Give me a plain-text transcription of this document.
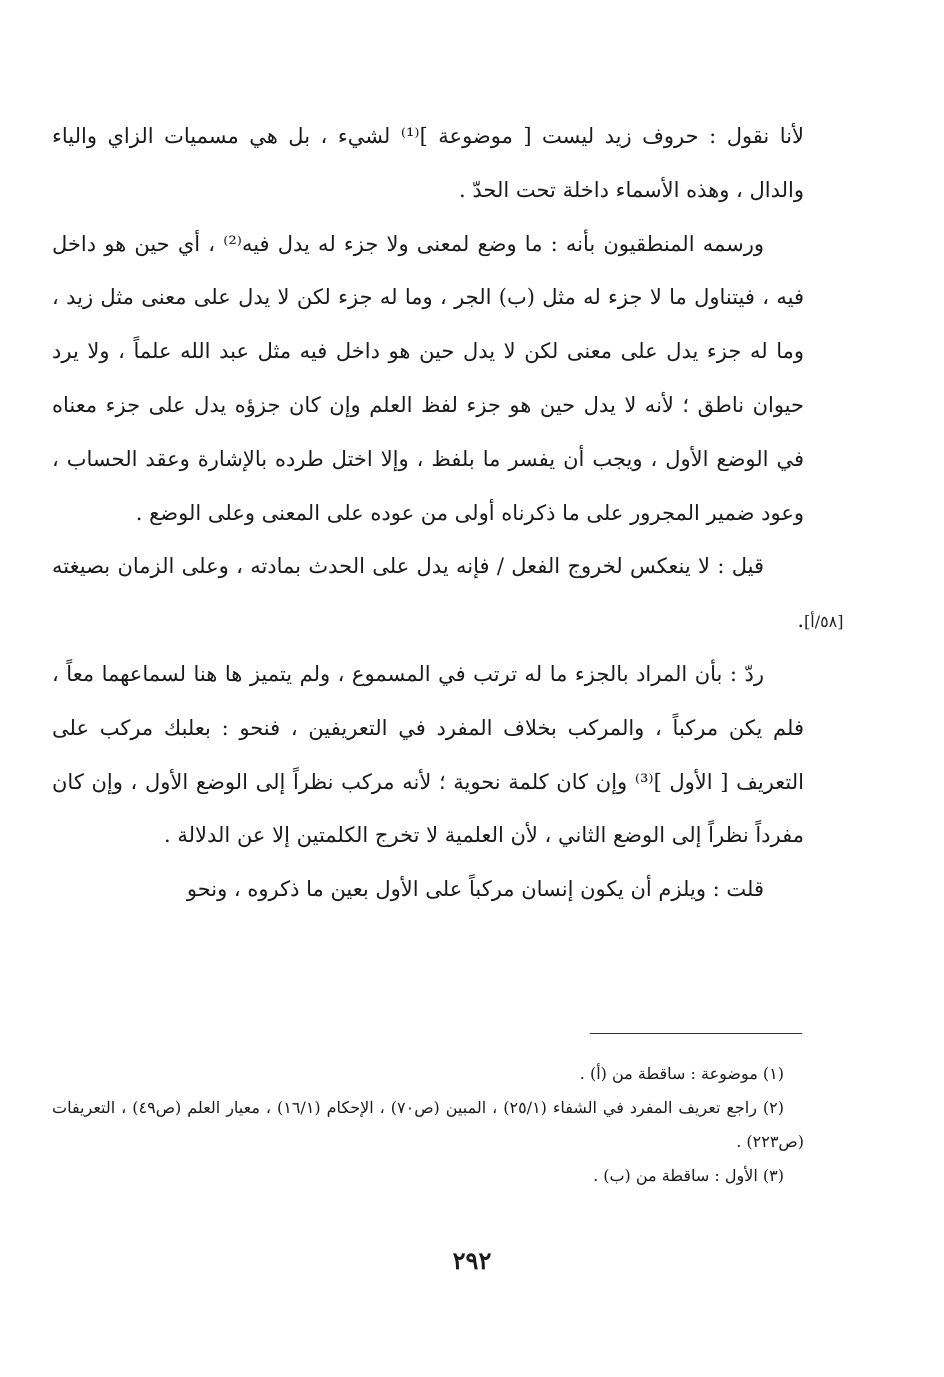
لأنا نقول : حروف زيد ليست [ موضوعة ]⁽¹⁾ لشيء ، بل هي مسميات الزاي والياء والدال ، وهذه الأسماء داخلة تحت الحدّ .

ورسمه المنطقيون بأنه : ما وضع لمعنى ولا جزء له يدل فيه⁽²⁾ ، أي حين هو داخل فيه ، فيتناول ما لا جزء له مثل (ب) الجر ، وما له جزء لكن لا يدل على معنى مثل زيد ، وما له جزء يدل على معنى لكن لا يدل حين هو داخل فيه مثل عبد الله علماً ، ولا يرد حيوان ناطق ؛ لأنه لا يدل حين هو جزء لفظ العلم وإن كان جزؤه يدل على جزء معناه في الوضع الأول ، ويجب أن يفسر ما بلفظ ، وإلا اختل طرده بالإشارة وعقد الحساب ، وعود ضمير المجرور على ما ذكرناه أولى من عوده على المعنى وعلى الوضع .

قيل : لا ينعكس لخروج الفعل / فإنه يدل على الحدث بمادته ، وعلى الزمان بصيغته .

ردّ : بأن المراد بالجزء ما له ترتب في المسموع ، ولم يتميز ها هنا لسماعهما معاً ، فلم يكن مركباً ، والمركب بخلاف المفرد في التعريفين ، فنحو : بعلبك مركب على التعريف [ الأول ]⁽³⁾ وإن كان كلمة نحوية ؛ لأنه مركب نظراً إلى الوضع الأول ، وإن كان مفرداً نظراً إلى الوضع الثاني ، لأن العلمية لا تخرج الكلمتين إلا عن الدلالة .

قلت : ويلزم أن يكون إنسان مركباً على الأول بعين ما ذكروه ، ونحو

[٥٨/أ]

(١) موضوعة : ساقطة من (أ) .

(٢) راجع تعريف المفرد في الشفاء (٢٥/١) ، المبين (ص٧٠) ، الإحكام (١٦/١) ، معيار العلم (ص٤٩) ، التعريفات (ص٢٢٣) .

(٣) الأول : ساقطة من (ب) .

٢٩٢
